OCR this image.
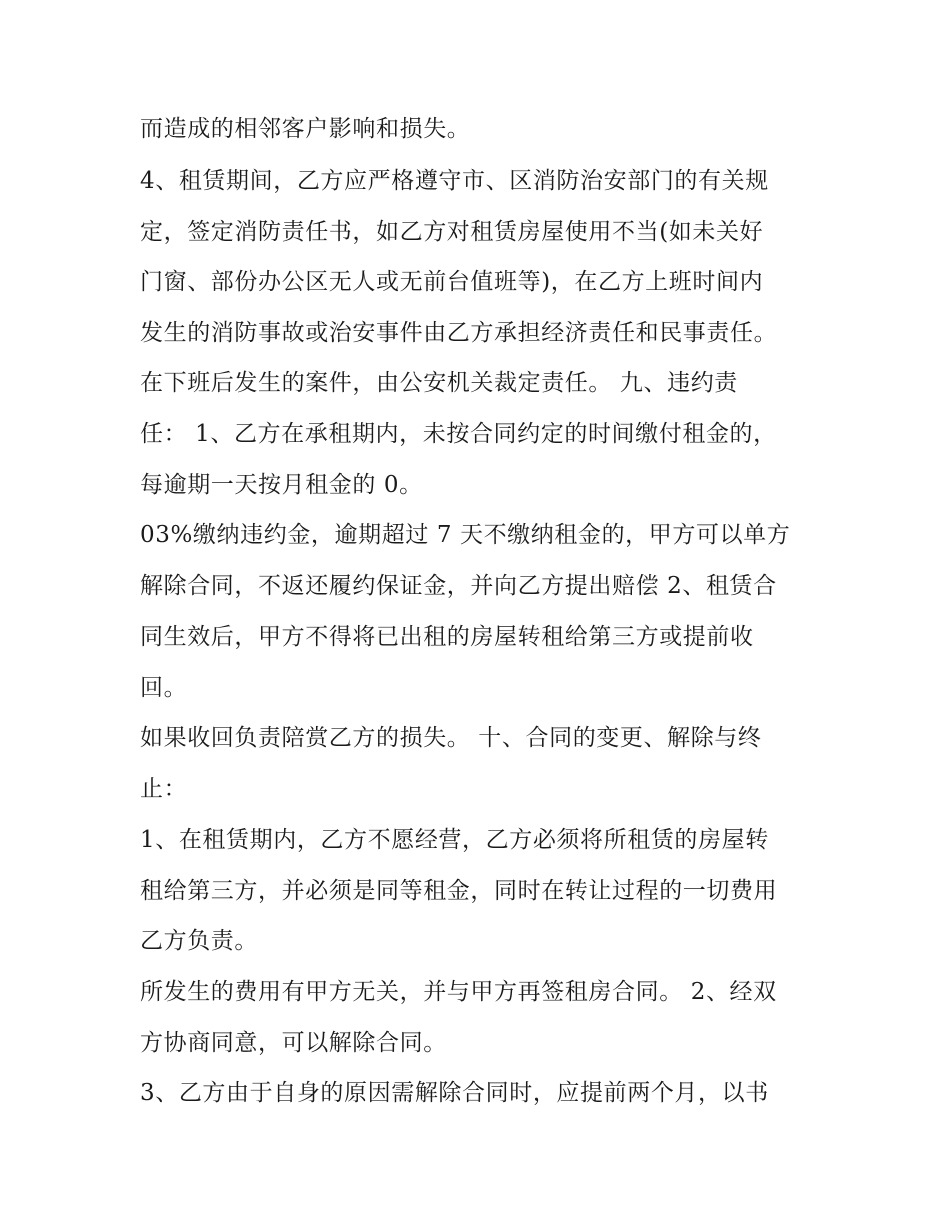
而造成的相邻客户影响和损失。
4、租赁期间，乙方应严格遵守市、区消防治安部门的有关规
定，签定消防责任书，如乙方对租赁房屋使用不当(如未关好
门窗、部份办公区无人或无前台值班等)，在乙方上班时间内
发生的消防事故或治安事件由乙方承担经济责任和民事责任。
在下班后发生的案件，由公安机关裁定责任。 九、违约责
任： 1、乙方在承租期内，未按合同约定的时间缴付租金的，
每逾期一天按月租金的 0。
03%缴纳违约金，逾期超过 7 天不缴纳租金的，甲方可以单方
解除合同，不返还履约保证金，并向乙方提出赔偿 2、租赁合
同生效后，甲方不得将已出租的房屋转租给第三方或提前收
回。
如果收回负责陪赏乙方的损失。 十、合同的变更、解除与终
止：
1、在租赁期内，乙方不愿经营，乙方必须将所租赁的房屋转
租给第三方，并必须是同等租金，同时在转让过程的一切费用
乙方负责。
所发生的费用有甲方无关，并与甲方再签租房合同。 2、经双
方协商同意，可以解除合同。
3、乙方由于自身的原因需解除合同时，应提前两个月，以书
